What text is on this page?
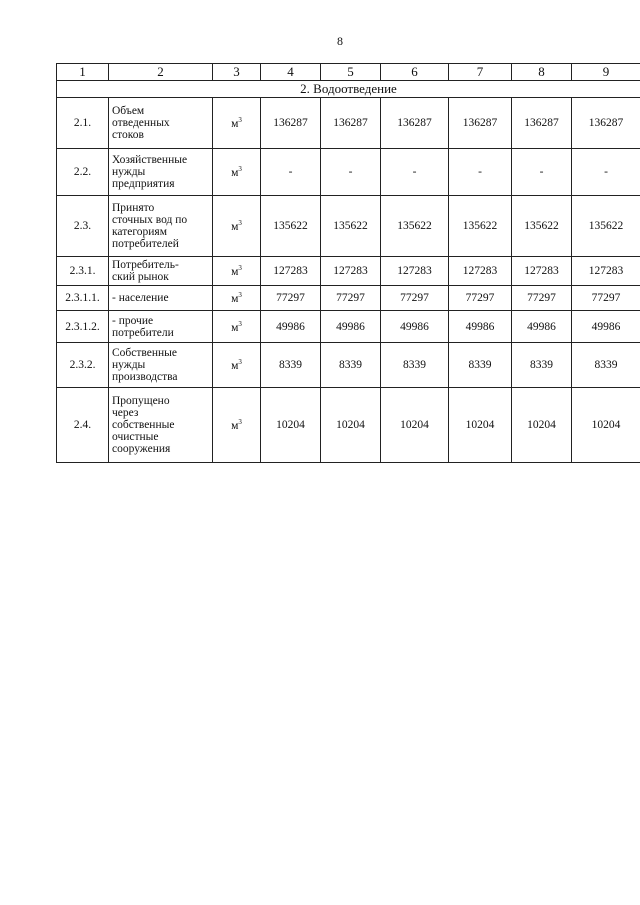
8
1	2	3	4	5	6	7	8	9
2. Водоотведение								
2.1.	Объем
отведенных
стоков	$м^3$	136287	136287	136287	136287	136287	136287
2.2.	Хозяйственные
нужды
предприятия	$м^3$	-	-	-	-	-	-
2.3.	Принято
сточных вод по
категориям
потребителей	$м^3$	135622	135622	135622	135622	135622	135622
2.3.1.	Потребитель-
ский рынок	$м^3$	127283	127283	127283	127283	127283	127283
2.3.1.1.	- население	$м^3$	77297	77297	77297	77297	77297	77297
2.3.1.2.	- прочие
потребители	$м^3$	49986	49986	49986	49986	49986	49986
2.3.2.	Собственные
нужды
производства	$м^3$	8339	8339	8339	8339	8339	8339
2.4.	Пропущено
через
собственные
очистные
сооружения	$м^3$	10204	10204	10204	10204	10204	10204
